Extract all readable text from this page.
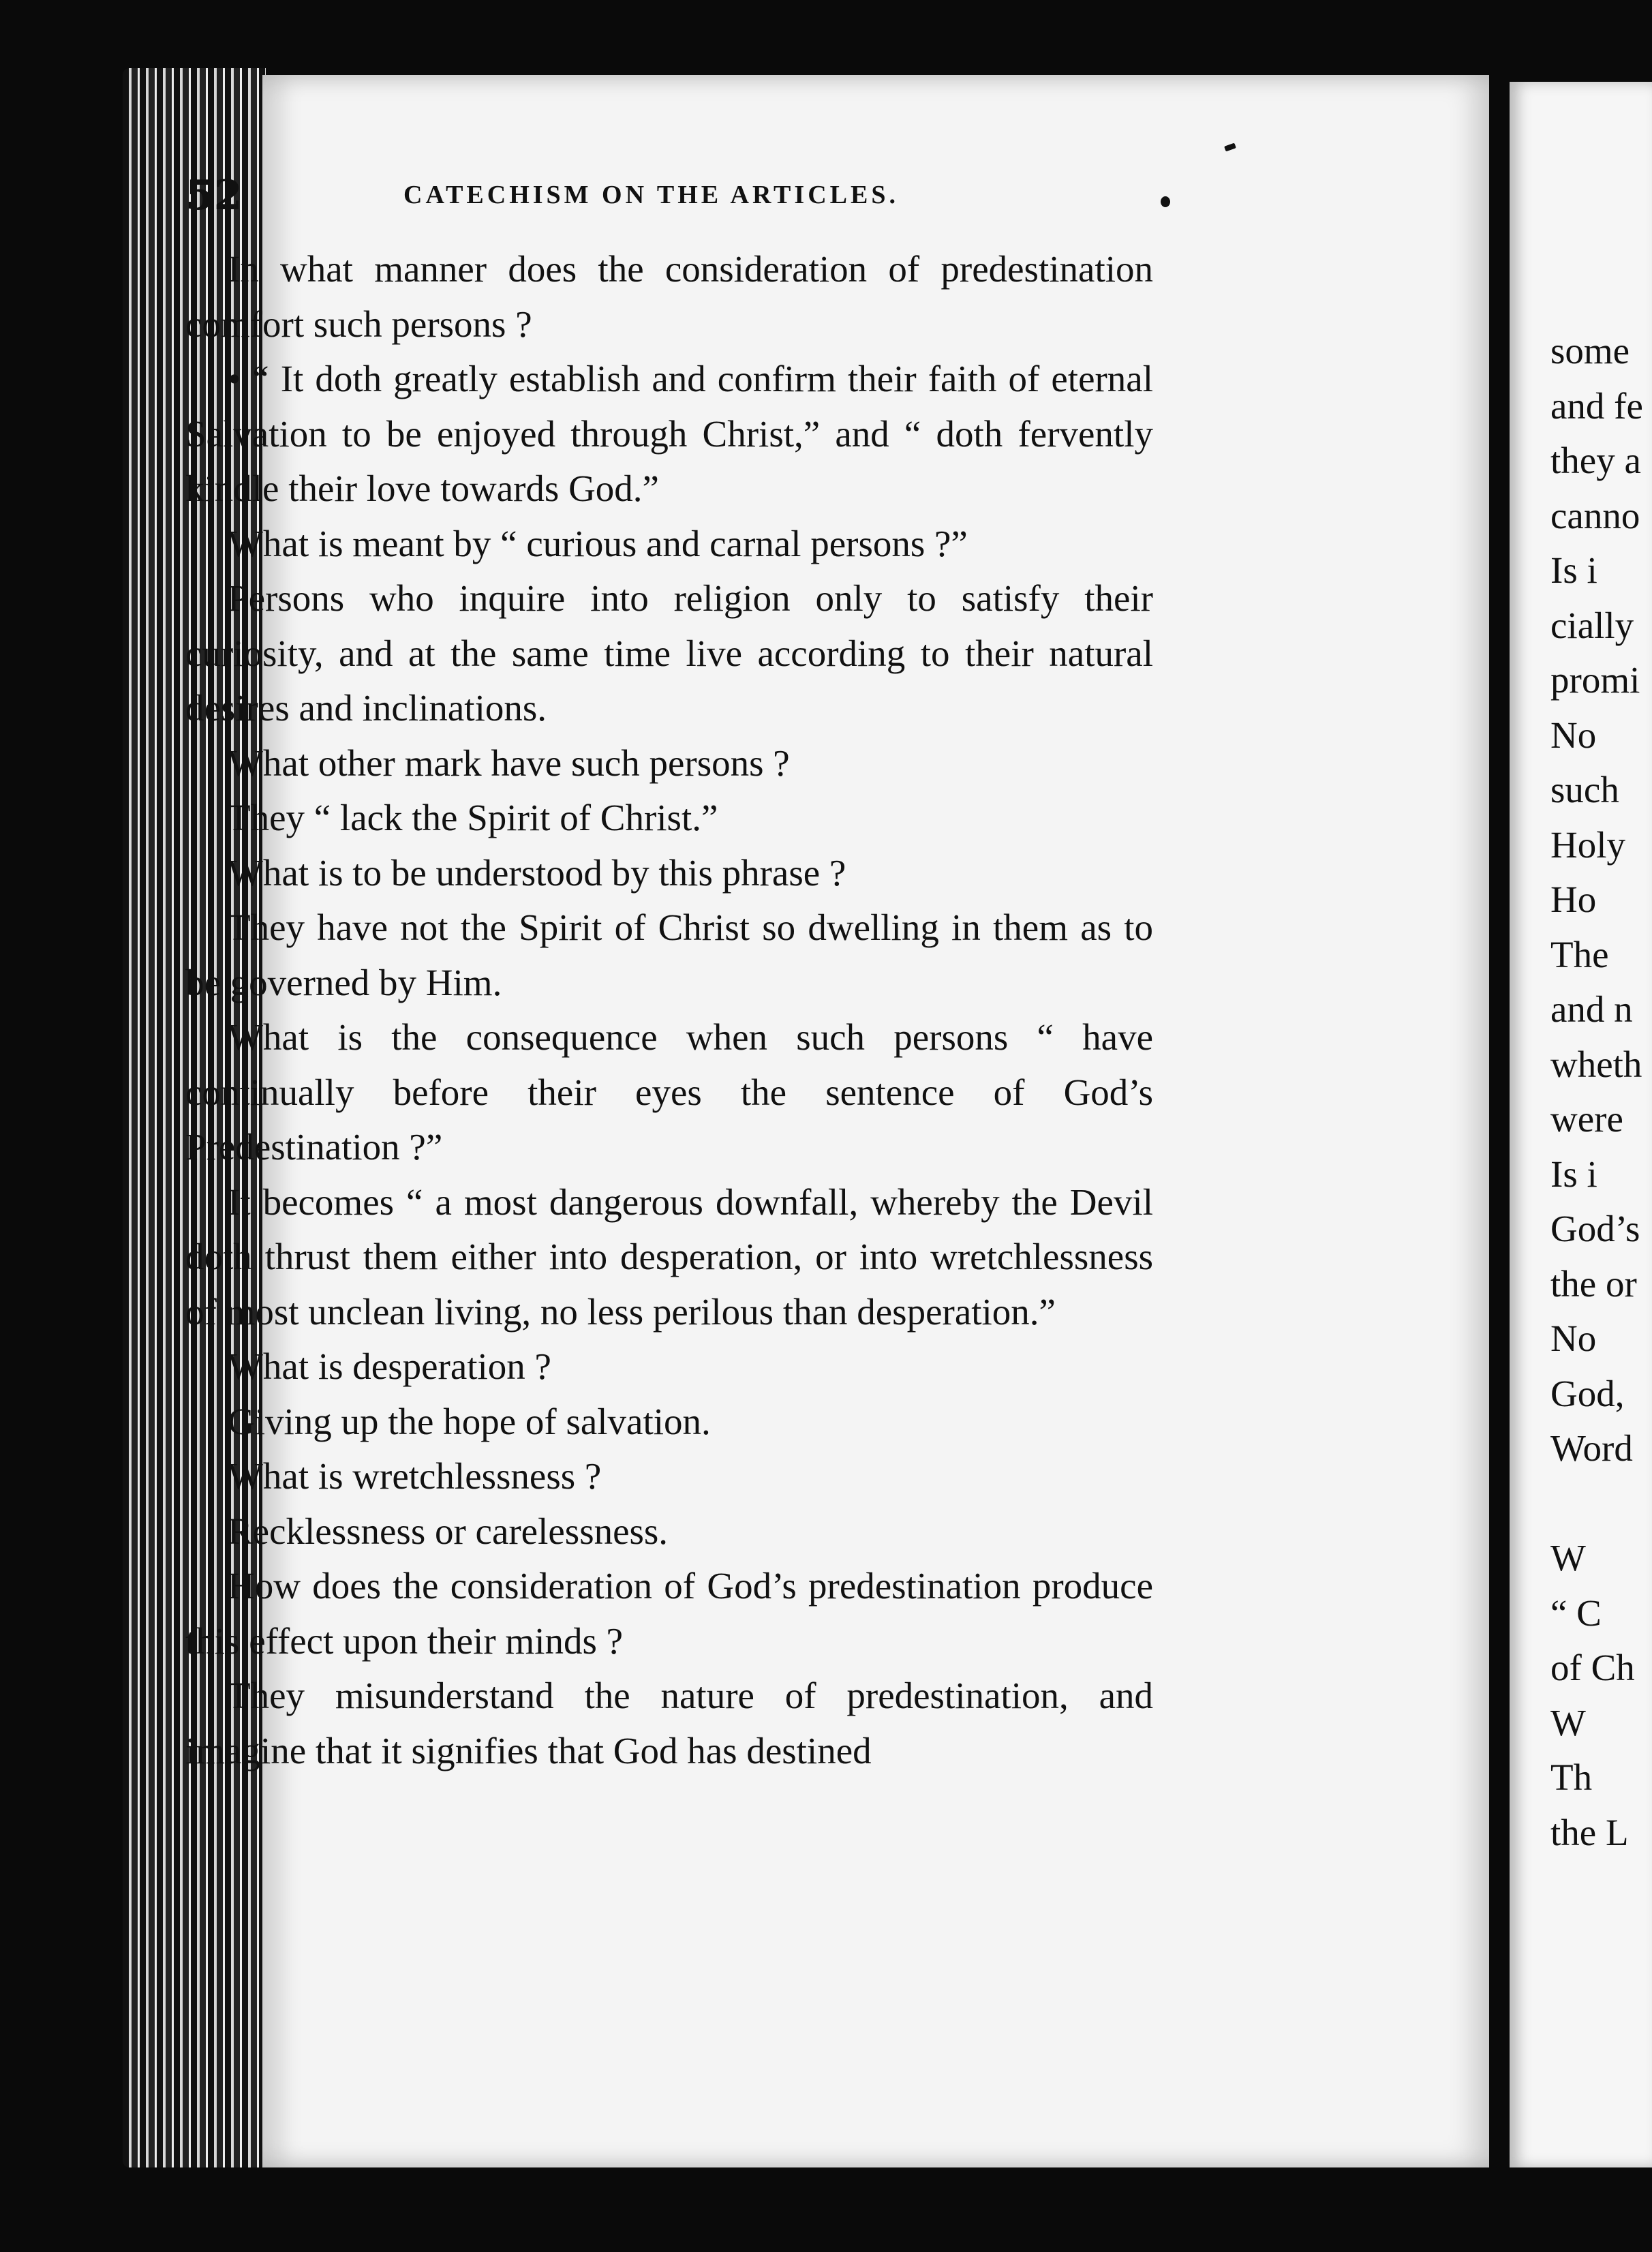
52	CATECHISM ON THE ARTICLES.

In what manner does the consideration of predestination comfort such persons ?

• “ It doth greatly establish and confirm their faith of eternal Salvation to be enjoyed through Christ,” and “ doth fervently kindle their love towards God.”

What is meant by “ curious and carnal persons ?”

Persons who inquire into religion only to satisfy their curiosity, and at the same time live according to their natural desires and inclinations.

What other mark have such persons ?

They “ lack the Spirit of Christ.”

What is to be understood by this phrase ?

They have not the Spirit of Christ so dwelling in them as to be governed by Him.

What is the consequence when such persons “ have continually before their eyes the sentence of God’s Predestination ?”

It becomes “ a most dangerous downfall, whereby the Devil doth thrust them either into desperation, or into wretchlessness of most unclean living, no less perilous than desperation.”

What is desperation ?

Giving up the hope of salvation.

What is wretchlessness ?

Recklessness or carelessness.

How does the consideration of God’s predestination produce this effect upon their minds ?

They misunderstand the nature of predestination, and imagine that it signifies that God has destined

some
and fe
they a
canno
Is i
cially
promi
No
such
Holy
Ho
The
and n
wheth
were
Is i
God’s
the or
No
God,
Word

W
“ C
of Ch
W
Th
the L
